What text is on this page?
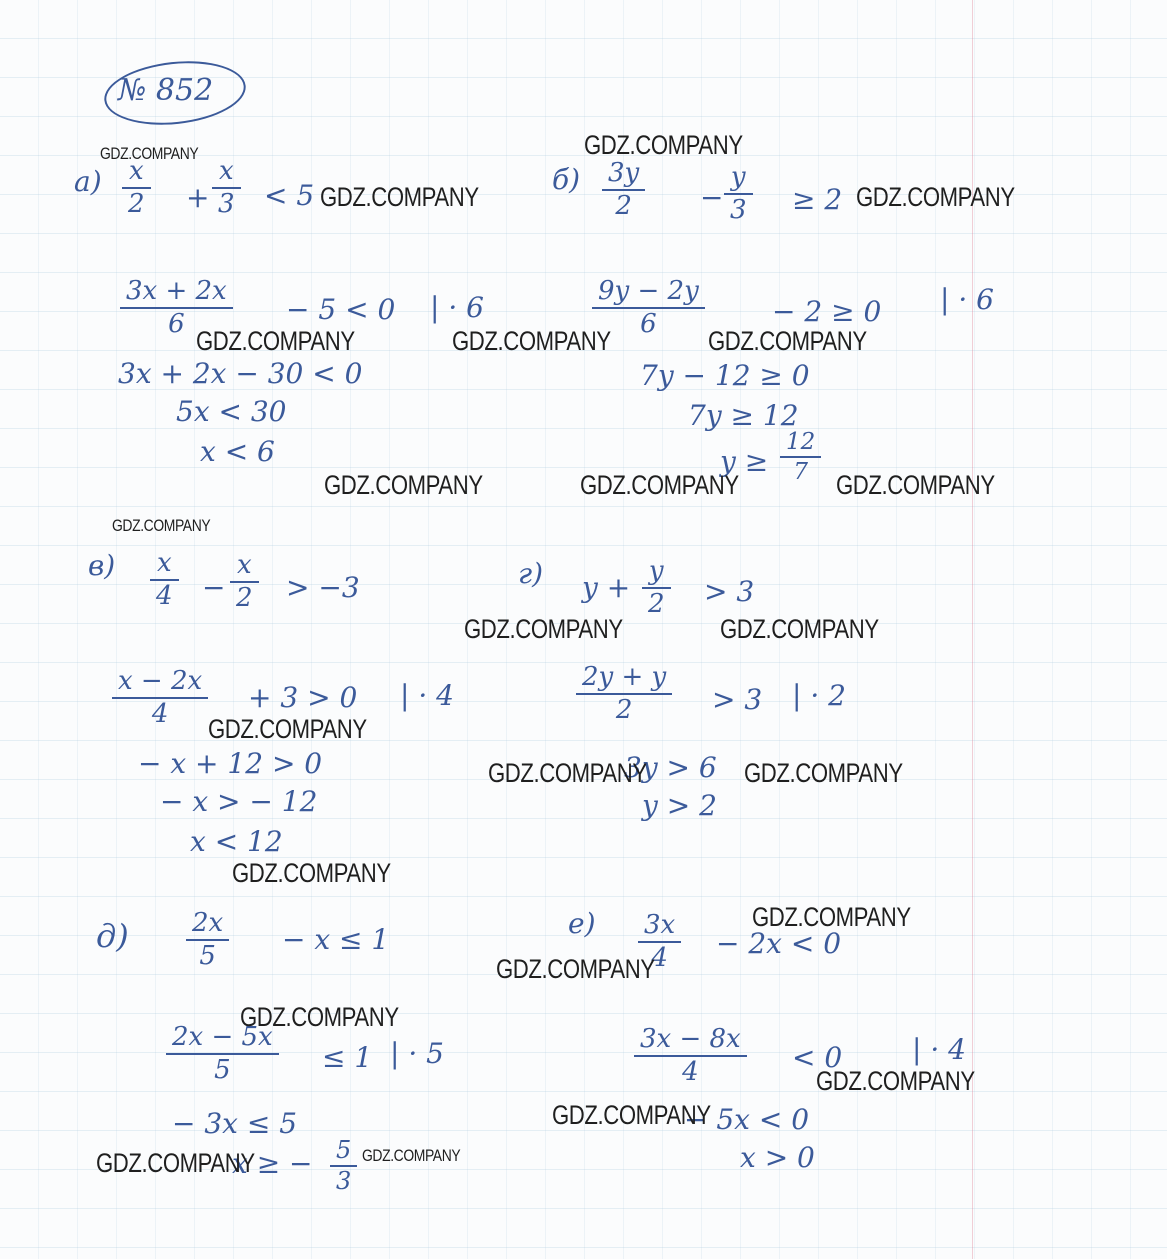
№ 852
a) x
2 +
x
3 < 5
3x + 2x
6	− 5 < 0 | · 6
3x + 2x − 30 < 0
5x < 30
x < 6
б) 3y
2 −
y
3 ≥ 2
9y − 2y
6	− 2 ≥ 0 | · 6
7y − 12 ≥ 0
7y ≥ 12
y ≥
12
7
в) x
4 −
x
2 > −3
x − 2x
4
+ 3 > 0 | · 4
− x + 12 > 0
− x > − 12
x < 12
г) y + y
2 > 3
2y + y
2	> 3 | · 2
3y > 6
y > 2
д) 2x
5
− x ≤ 1
2x − 5x
5	≤ 1 | · 5
− 3x ≤ 5
x ≥ − 5
3
е) 3x
4 − 2x < 0
3x − 8x
4	< 0 | · 4
− 5x < 0
x > 0
GDZ.COMPANY	GDZ.COMPANY
GDZ.COMPANY	GDZ.COMPANY
GDZ.COMPANY	GDZ.COMPANY	GDZ.COMPANY
GDZ.COMPANY	GDZ.COMPANY	GDZ.COMPANY
GDZ.COMPANY
GDZ.COMPANY	GDZ.COMPANY
GDZ.COMPANY
GDZ.COMPANY	GDZ.COMPANY
GDZ.COMPANY
GDZ.COMPANY
GDZ.COMPANY
GDZ.COMPANY
GDZ.COMPANY
GDZ.COMPANY
GDZ.COMPANY	GDZ.COMPANY
